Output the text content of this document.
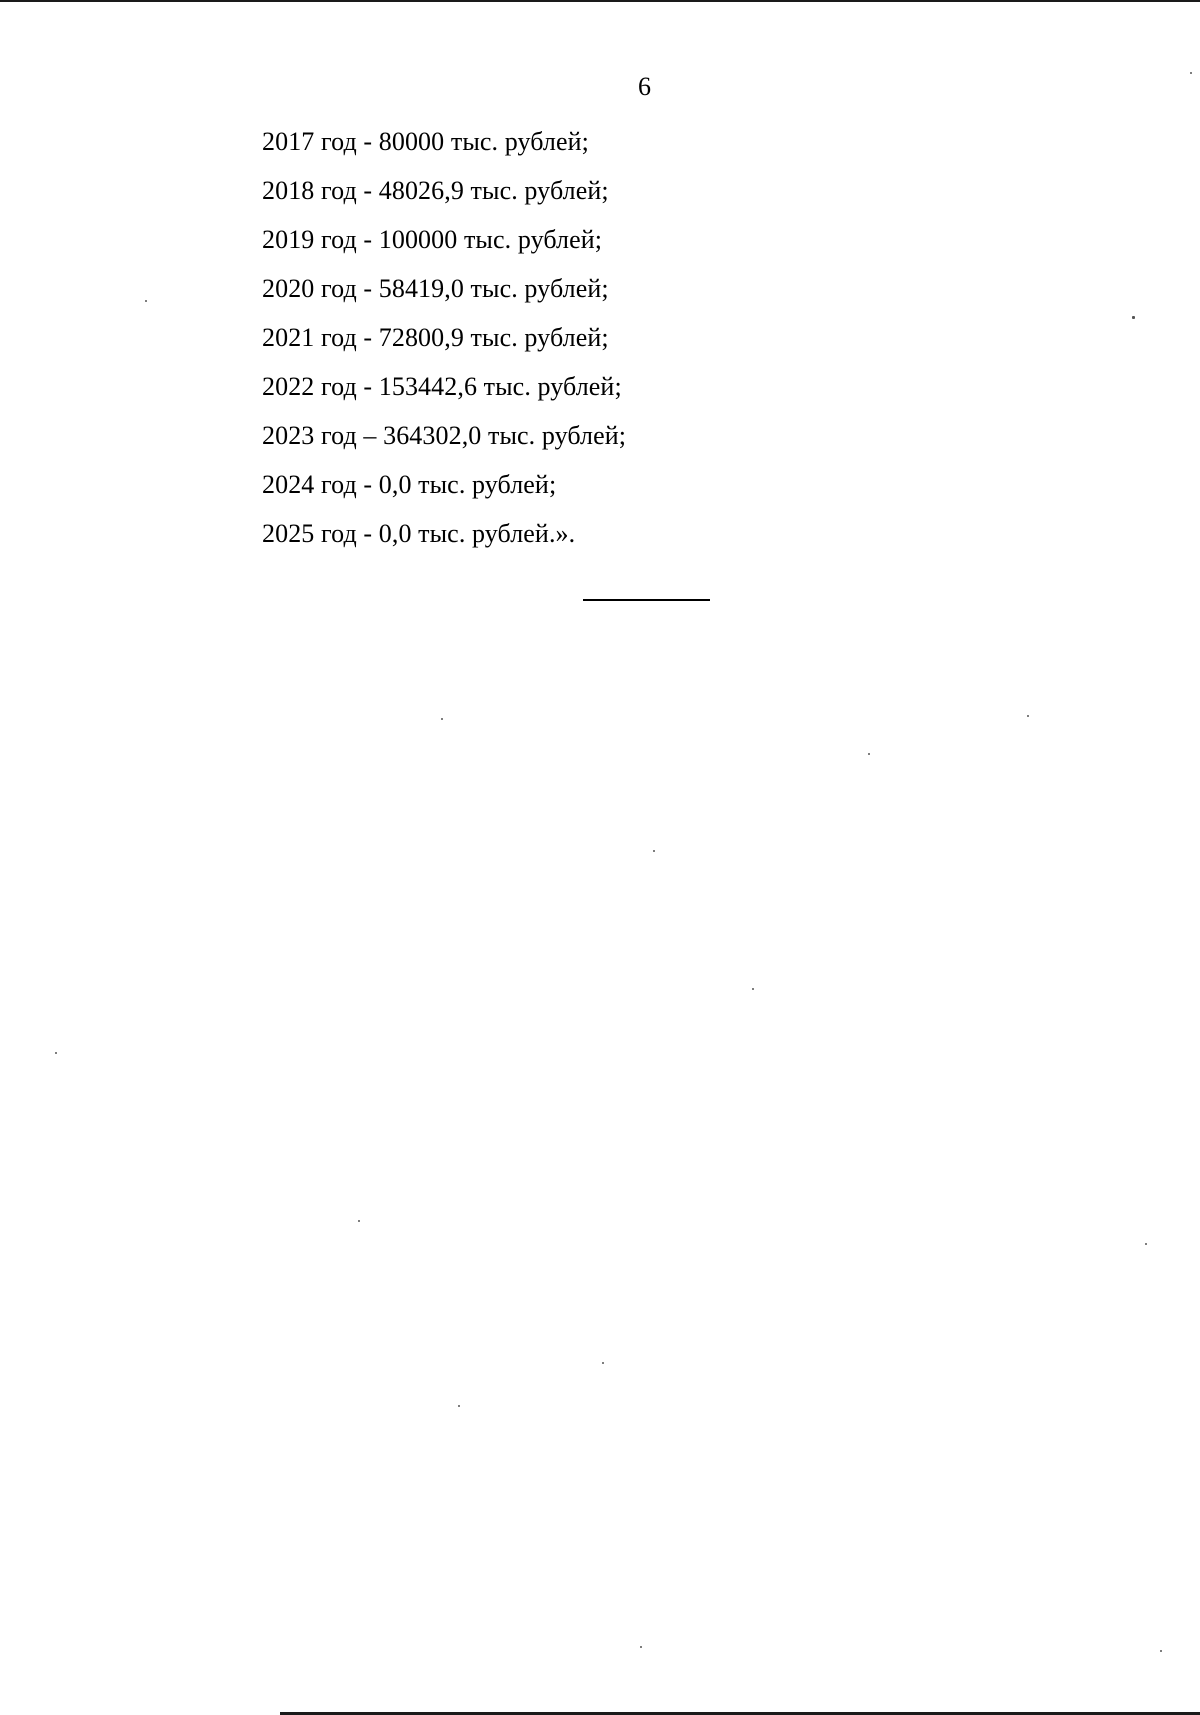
6
2017 год - 80000 тыс. рублей;
2018 год - 48026,9 тыс. рублей;
2019 год - 100000 тыс. рублей;
2020 год - 58419,0 тыс. рублей;
2021 год - 72800,9 тыс. рублей;
2022 год - 153442,6 тыс. рублей;
2023 год – 364302,0 тыс. рублей;
2024 год - 0,0 тыс. рублей;
2025 год - 0,0 тыс. рублей.».
